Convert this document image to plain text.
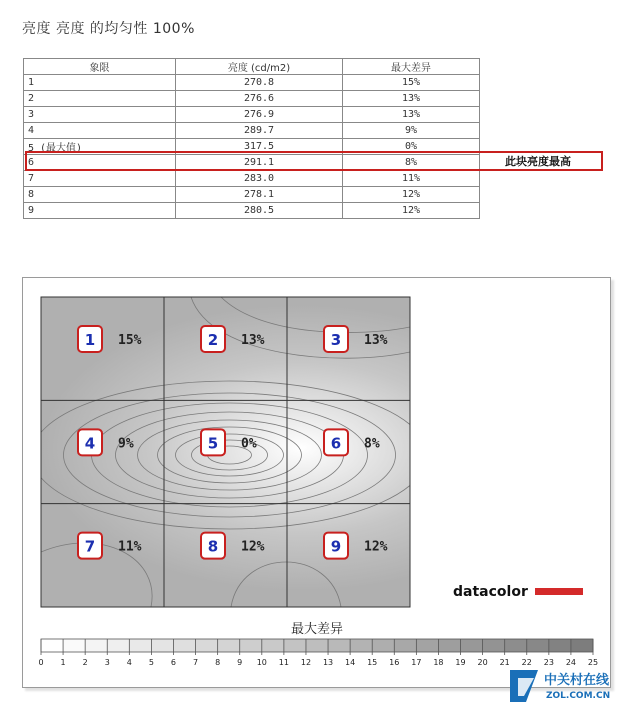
亮度 亮度 的均匀性 100%
象限	亮度 (cd/m2)	最大差异
1	270.8	15%
2	276.6	13%
3	276.9	13%
4	289.7	9%
5 (最大值)	317.5	0%
6	291.1	8%
7	283.0	11%
8	278.1	12%
9	280.5	12%
此块亮度最高
1 15%	2 13%	3 13%
4 9%	5 0%	6 8%
7 11%	8 12%	9 12%
datacolor
最大差异
0 1 2 3 4 5 6 7 8 9 10 11 12 13 14 15 16 17 18 19 20 21 22 23 24 25
中关村在线
ZOL.COM.CN
